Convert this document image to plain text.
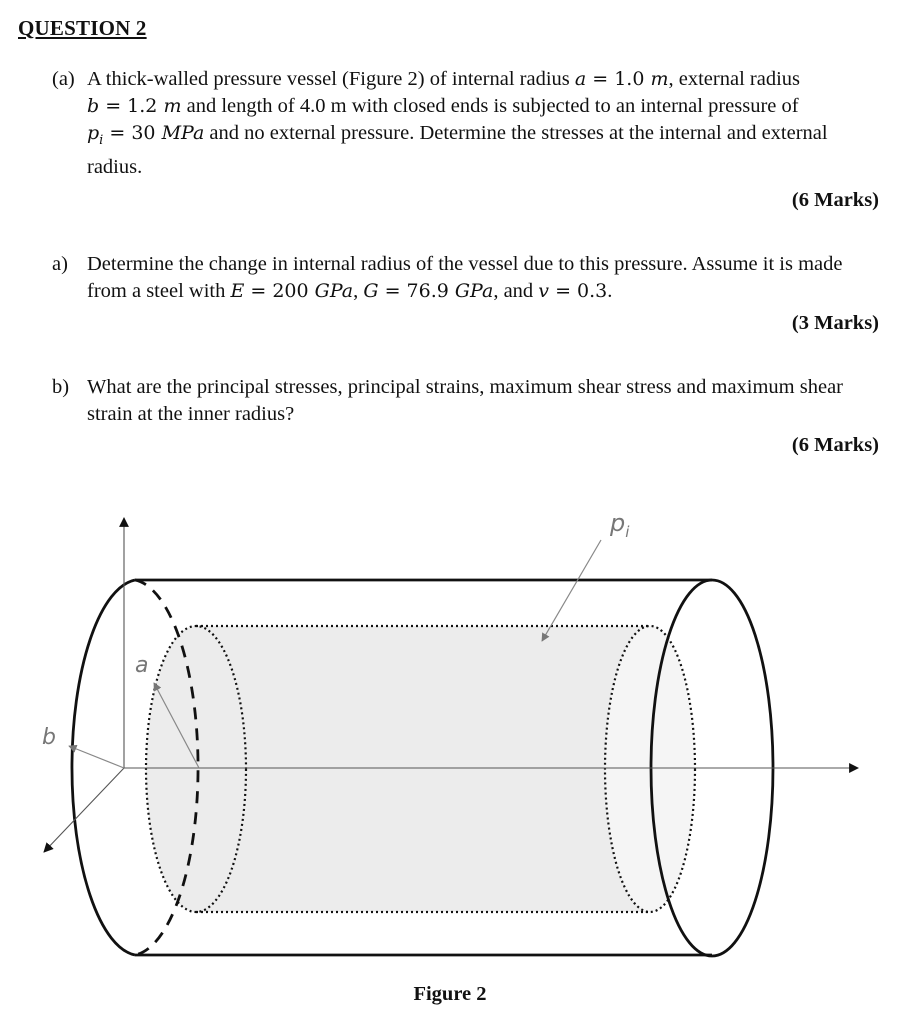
QUESTION 2
(a) A thick-walled pressure vessel (Figure 2) of internal radius a = 1.0 m, external radius
b = 1.2 m and length of 4.0 m with closed ends is subjected to an internal pressure of
$p_i = 30$ MPa and no external pressure. Determine the stresses at the internal and external radius.
(6 Marks)
a) Determine the change in internal radius of the vessel due to this pressure. Assume it is made from a steel with E = 200 GPa, G = 76.9 GPa, and v = 0.3.
(3 Marks)
b) What are the principal stresses, principal strains, maximum shear stress and maximum shear strain at the inner radius?
(6 Marks)
$p_i$
a
b
Figure 2
